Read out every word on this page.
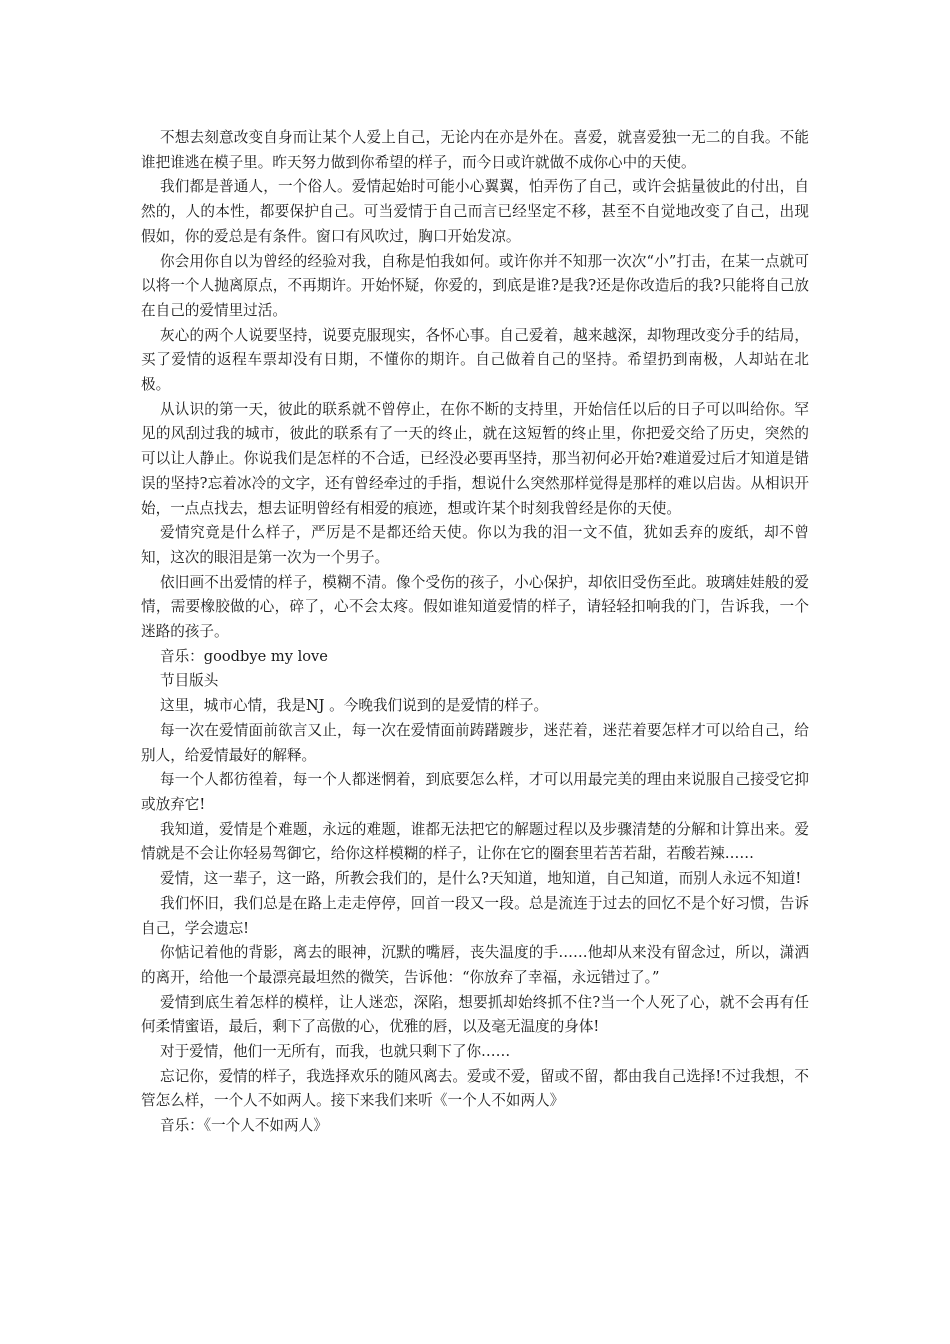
不想去刻意改变自身而让某个人爱上自己，无论内在亦是外在。喜爱，就喜爱独一无二的自我。不能谁把谁逃在模子里。昨天努力做到你希望的样子，而今日或许就做不成你心中的天使。

我们都是普通人，一个俗人。爱情起始时可能小心翼翼，怕弄伤了自己，或许会掂量彼此的付出，自然的，人的本性，都要保护自己。可当爱情于自己而言已经坚定不移，甚至不自觉地改变了自己，出现假如，你的爱总是有条件。窗口有风吹过，胸口开始发凉。

你会用你自以为曾经的经验对我，自称是怕我如何。或许你并不知那一次次“小”打击，在某一点就可以将一个人抛离原点，不再期许。开始怀疑，你爱的，到底是谁?是我?还是你改造后的我?只能将自己放在自己的爱情里过活。

灰心的两个人说要坚持，说要克服现实，各怀心事。自己爱着，越来越深，却物理改变分手的结局，买了爱情的返程车票却没有日期，不懂你的期许。自己做着自己的坚持。希望扔到南极，人却站在北极。

从认识的第一天，彼此的联系就不曾停止，在你不断的支持里，开始信任以后的日子可以叫给你。罕见的风刮过我的城市，彼此的联系有了一天的终止，就在这短暂的终止里，你把爱交给了历史，突然的可以让人静止。你说我们是怎样的不合适，已经没必要再坚持，那当初何必开始?难道爱过后才知道是错误的坚持?忘着冰冷的文字，还有曾经牵过的手指，想说什么突然那样觉得是那样的难以启齿。从相识开始，一点点找去，想去证明曾经有相爱的痕迹，想或许某个时刻我曾经是你的天使。

爱情究竟是什么样子，严厉是不是都还给天使。你以为我的泪一文不值，犹如丢弃的废纸，却不曾知，这次的眼泪是第一次为一个男子。

依旧画不出爱情的样子，模糊不清。像个受伤的孩子，小心保护，却依旧受伤至此。玻璃娃娃般的爱情，需要橡胶做的心，碎了，心不会太疼。假如谁知道爱情的样子，请轻轻扣响我的门，告诉我，一个迷路的孩子。

音乐：goodbye my love

节目版头

这里，城市心情，我是NJ 。今晚我们说到的是爱情的样子。

每一次在爱情面前欲言又止，每一次在爱情面前踌躇踱步，迷茫着，迷茫着要怎样才可以给自己，给别人，给爱情最好的解释。

每一个人都彷徨着，每一个人都迷惘着，到底要怎么样，才可以用最完美的理由来说服自己接受它抑或放弃它!

我知道，爱情是个难题，永远的难题，谁都无法把它的解题过程以及步骤清楚的分解和计算出来。爱情就是不会让你轻易驾御它，给你这样模糊的样子，让你在它的圈套里若苦若甜，若酸若辣……

爱情，这一辈子，这一路，所教会我们的，是什么?天知道，地知道，自己知道，而别人永远不知道!

我们怀旧，我们总是在路上走走停停，回首一段又一段。总是流连于过去的回忆不是个好习惯，告诉自己，学会遗忘!

你惦记着他的背影，离去的眼神，沉默的嘴唇，丧失温度的手……他却从来没有留念过，所以，潇洒的离开，给他一个最漂亮最坦然的微笑，告诉他：“你放弃了幸福，永远错过了。”

爱情到底生着怎样的模样，让人迷恋，深陷，想要抓却始终抓不住?当一个人死了心，就不会再有任何柔情蜜语，最后，剩下了高傲的心，优雅的唇，以及毫无温度的身体!

对于爱情，他们一无所有，而我，也就只剩下了你……

忘记你，爱情的样子，我选择欢乐的随风离去。爱或不爱，留或不留，都由我自己选择!不过我想，不管怎么样，一个人不如两人。接下来我们来听《一个人不如两人》

音乐：《一个人不如两人》
